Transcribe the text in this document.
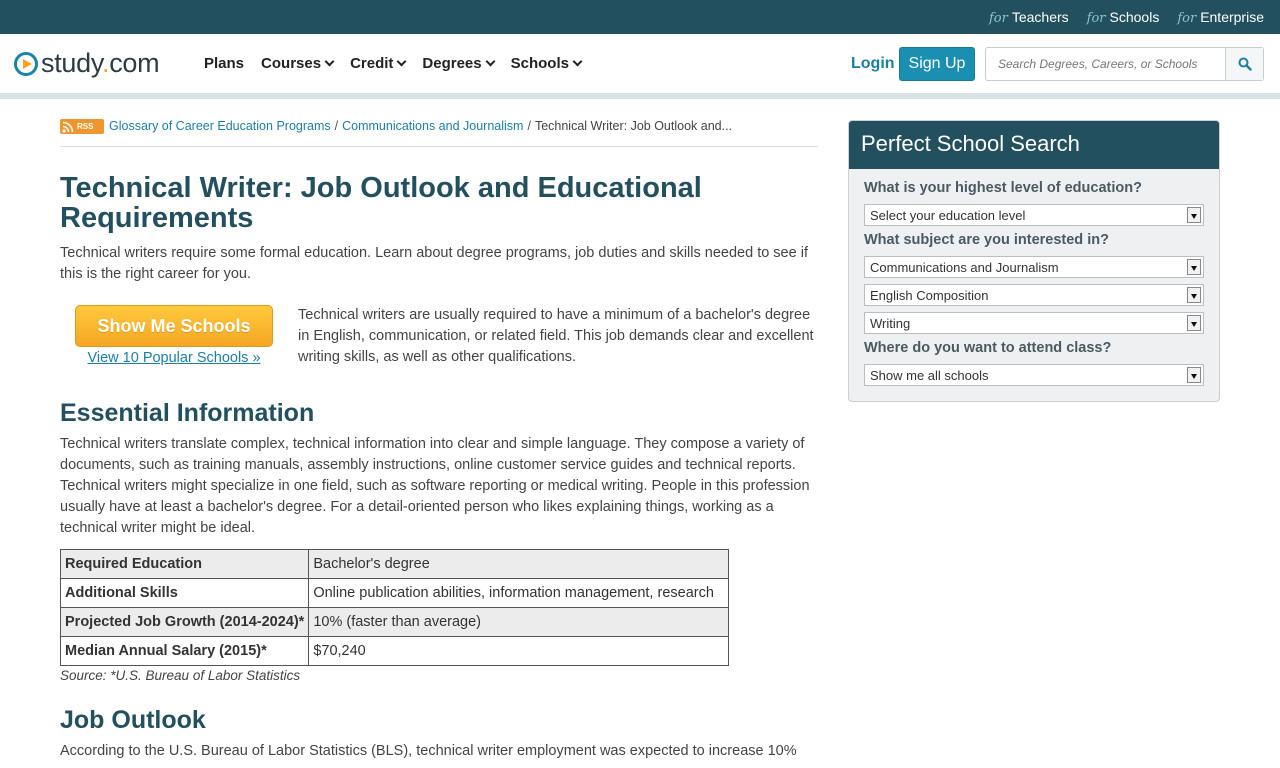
for Teachers for Schools for Enterprise
study.com	Plans Courses	Credit	Degrees	Schools	Login Sign Up
Search Degrees, Careers, or Schools
RSS Glossary of Career Education Programs / Communications and Journalism / Technical Writer: Job Outlook and...
Technical Writer: Job Outlook and Educational Requirements

Technical writers require some formal education. Learn about degree programs, job duties and skills needed to see if this is the right career for you.

Show Me Schools
View 10 Popular Schools »

Technical writers are usually required to have a minimum of a bachelor's degree in English, communication, or related field. This job demands clear and excellent writing skills, as well as other qualifications.

Essential Information

Technical writers translate complex, technical information into clear and simple language. They compose a variety of documents, such as training manuals, assembly instructions, online customer service guides and technical reports. Technical writers might specialize in one field, such as software reporting or medical writing. People in this profession usually have at least a bachelor's degree. For a detail-oriented person who likes explaining things, working as a technical writer might be ideal.

Required Education	Bachelor's degree
Additional Skills	Online publication abilities, information management, research
Projected Job Growth (2014-2024)*	10% (faster than average)
Median Annual Salary (2015)*	$70,240
Source: *U.S. Bureau of Labor Statistics
Job Outlook

According to the U.S. Bureau of Labor Statistics (BLS), technical writer employment was expected to increase 10%

Perfect School Search
What is your highest level of education?
Select your education level
What subject are you interested in?
Communications and Journalism
English Composition
Writing
Where do you want to attend class?
Show me all schools
